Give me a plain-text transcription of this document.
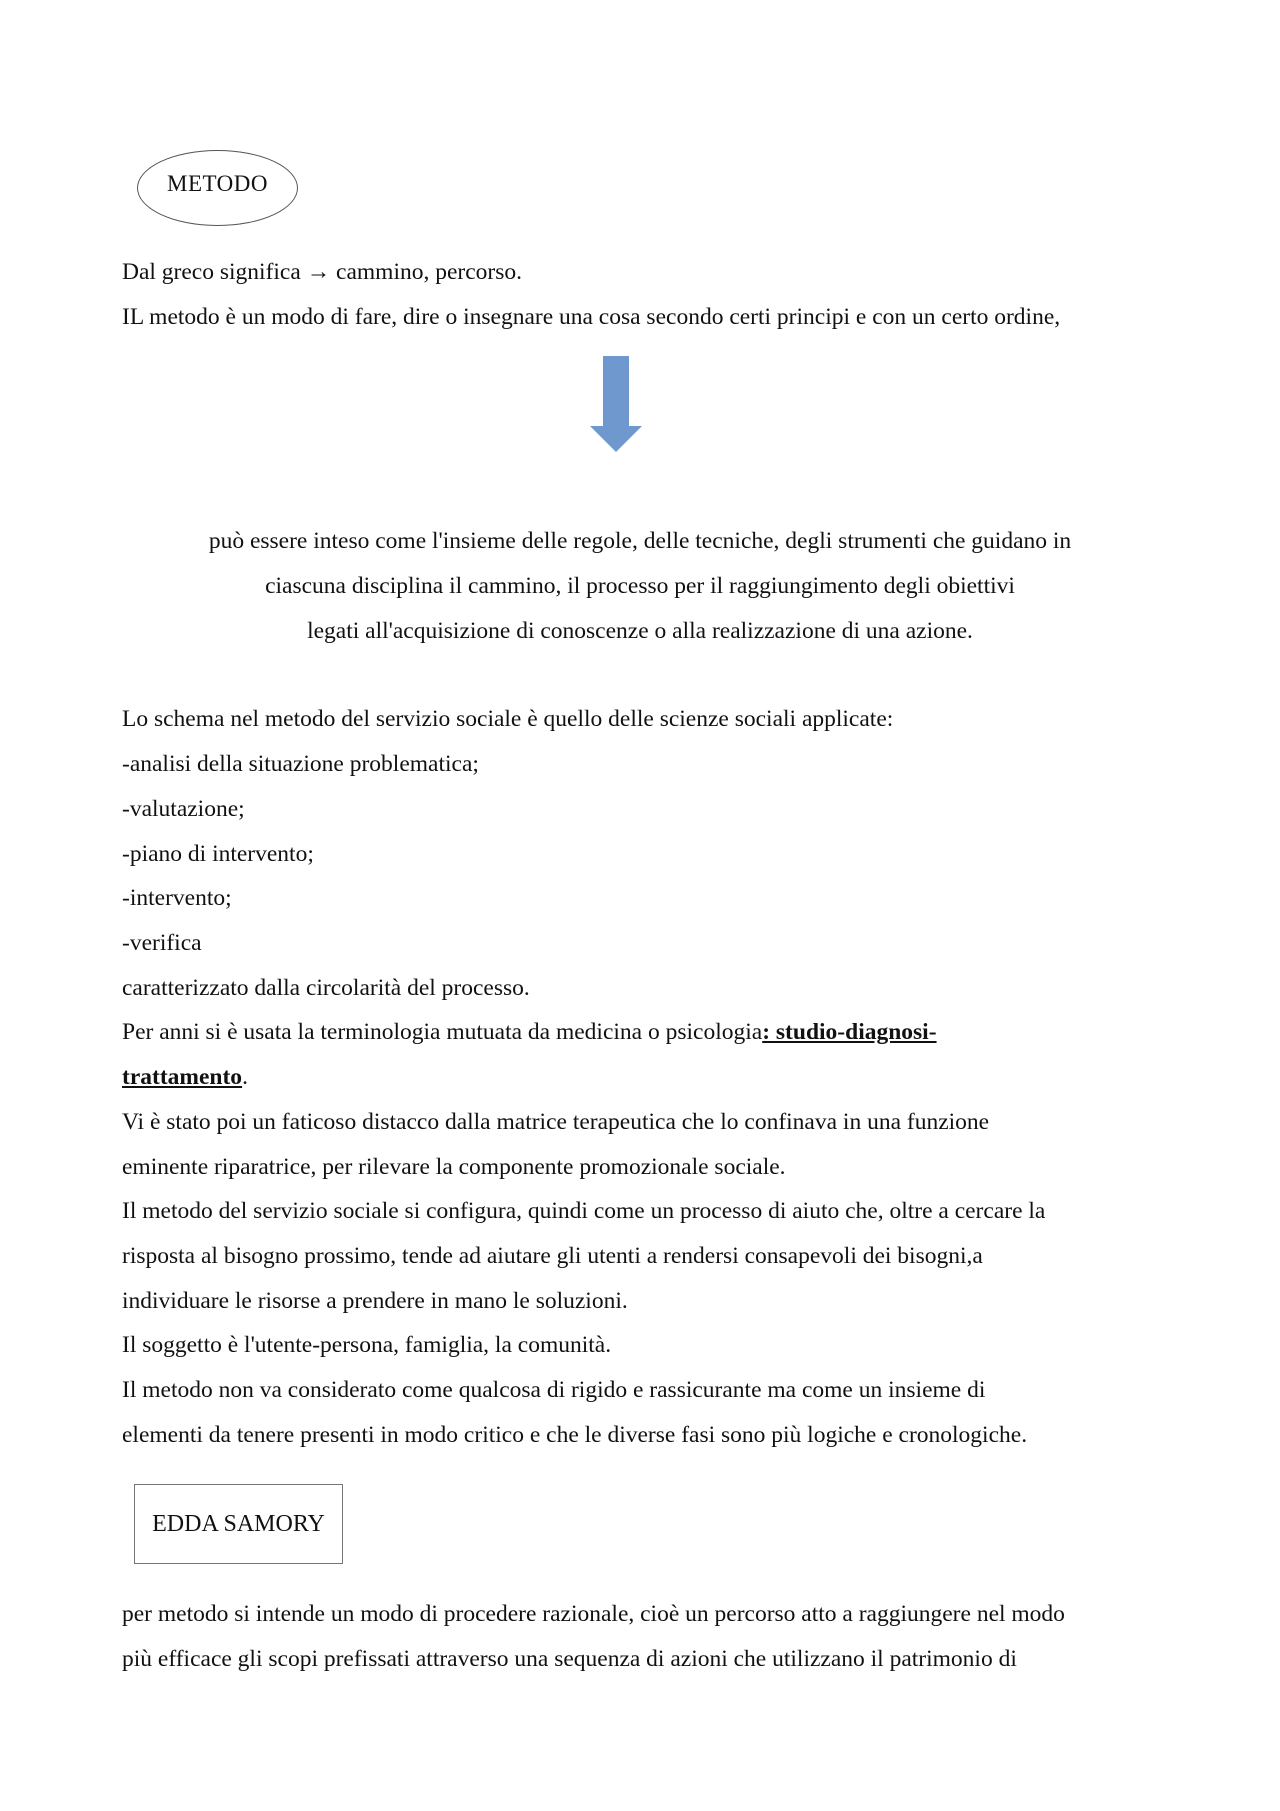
METODO
Dal greco significa → cammino, percorso.
IL metodo è un modo di fare, dire o insegnare una cosa secondo certi principi e con un certo ordine,
può essere inteso come l'insieme delle regole, delle tecniche, degli strumenti che guidano in
ciascuna disciplina il cammino, il processo per il raggiungimento degli obiettivi
legati all'acquisizione di conoscenze o alla realizzazione di una azione.
Lo schema nel metodo del servizio sociale è quello delle scienze sociali applicate:
-analisi della situazione problematica;
-valutazione;
-piano di intervento;
-intervento;
-verifica
caratterizzato dalla circolarità del processo.
Per anni si è usata la terminologia mutuata da medicina o psicologia: studio-diagnosi-
trattamento.
Vi è stato poi un faticoso distacco dalla matrice terapeutica che lo confinava in una funzione
eminente riparatrice, per rilevare la componente promozionale sociale.
Il metodo del servizio sociale si configura, quindi come un processo di aiuto che, oltre a cercare la
risposta al bisogno prossimo, tende ad aiutare gli utenti a rendersi consapevoli dei bisogni,a
individuare le risorse a prendere in mano le soluzioni.
Il soggetto è l'utente-persona, famiglia, la comunità.
Il metodo non va considerato come qualcosa di rigido e rassicurante ma come un insieme di
elementi da tenere presenti in modo critico e che le diverse fasi sono più logiche e cronologiche.
EDDA SAMORY
per metodo si intende un modo di procedere razionale, cioè un percorso atto a raggiungere nel modo
più efficace gli scopi prefissati attraverso una sequenza di azioni che utilizzano il patrimonio di
